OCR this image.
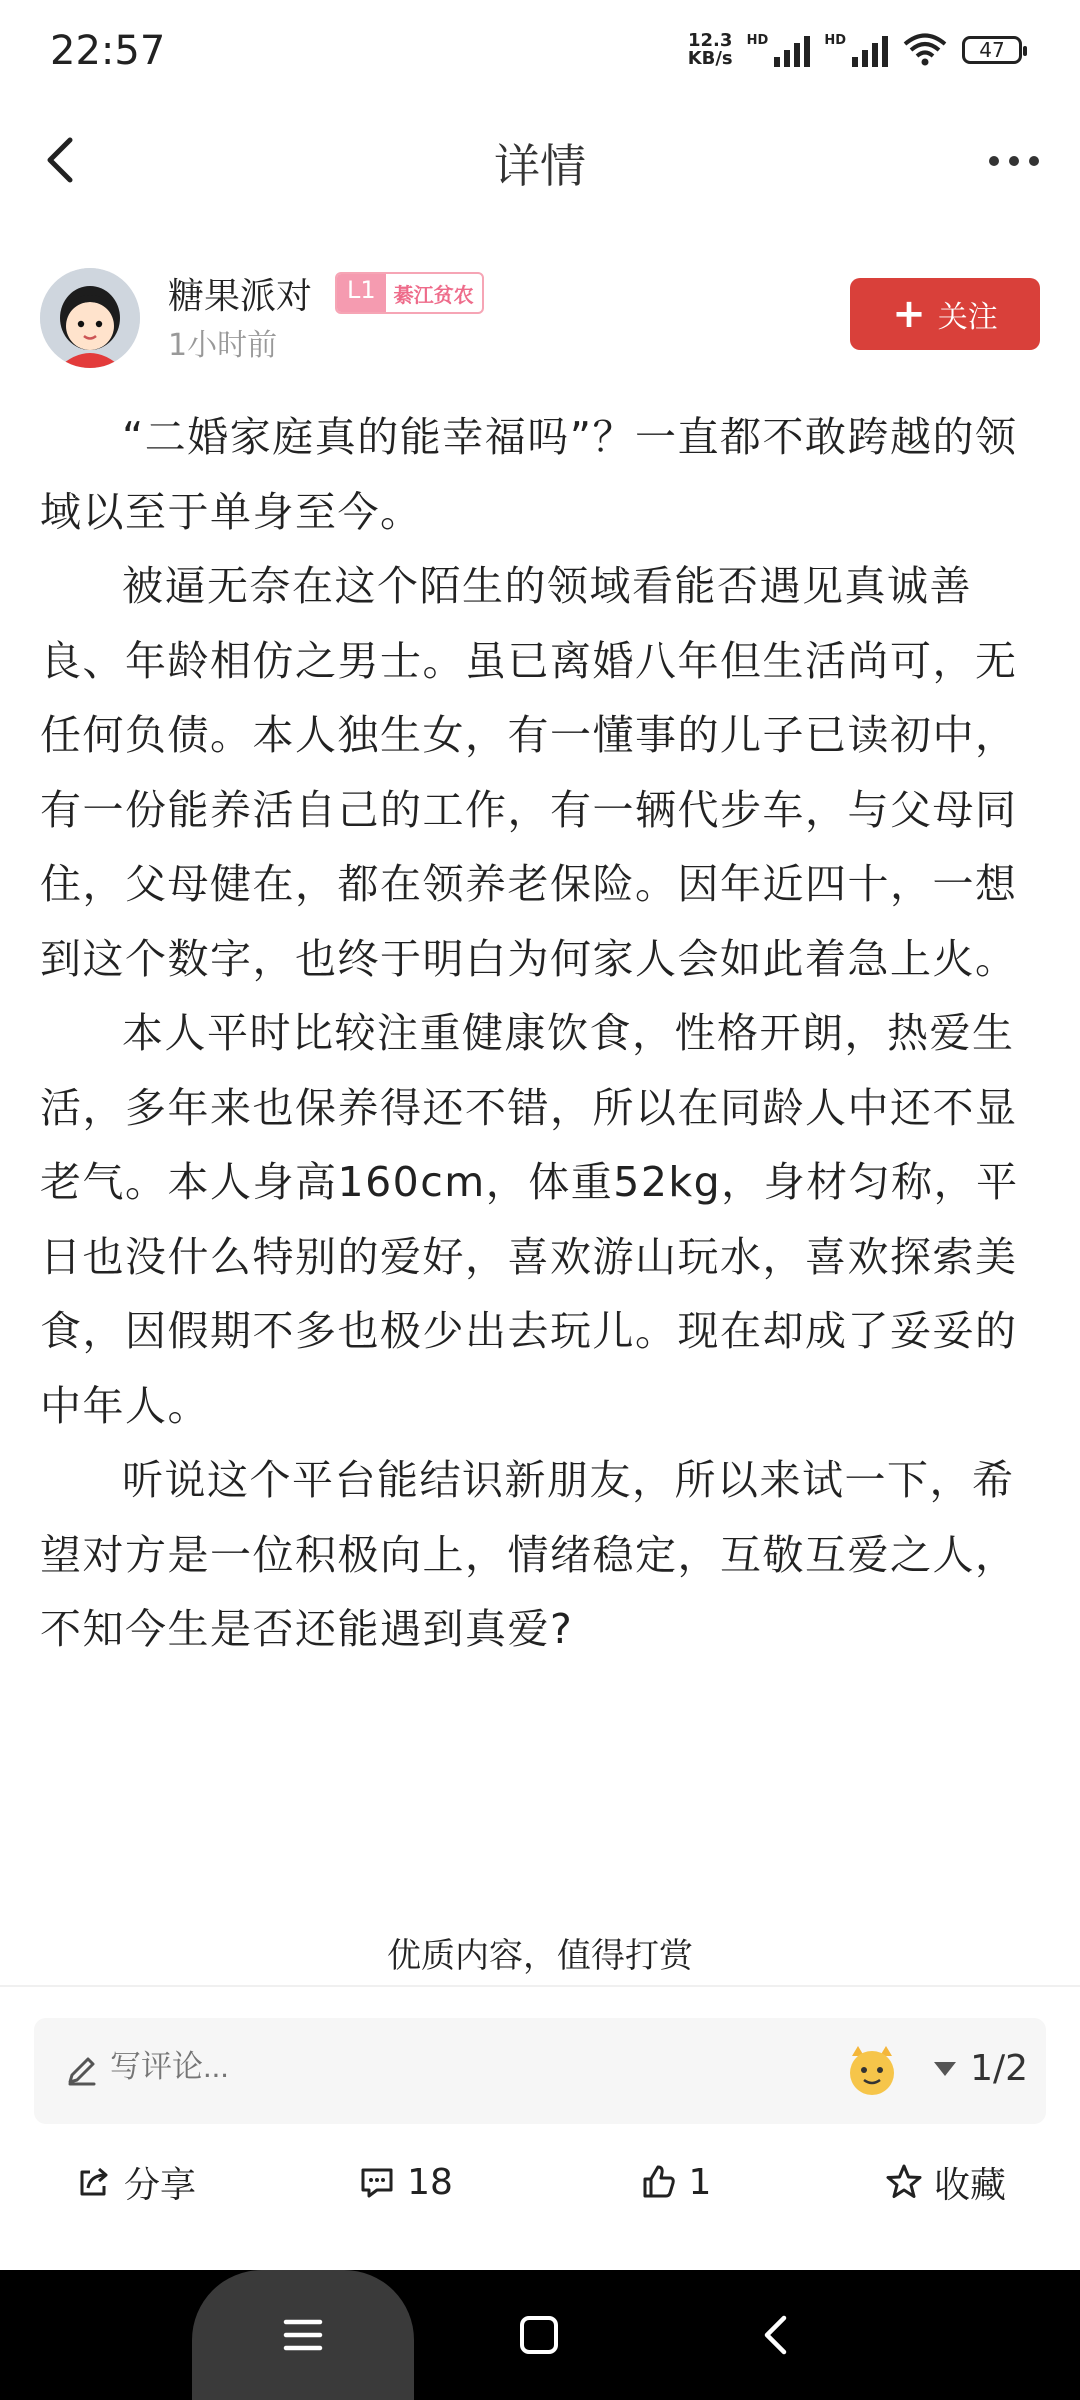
22:57	12.3
KB/s
HD	HD	47
详情
糖果派对	L1 綦江贫农
1小时前
+ 关注

“二婚家庭真的能幸福吗”？一直都不敢跨越的领域以至于单身至今。

被逼无奈在这个陌生的领域看能否遇见真诚善良、年龄相仿之男士。虽已离婚八年但生活尚可，无任何负债。本人独生女，有一懂事的儿子已读初中，有一份能养活自己的工作，有一辆代步车，与父母同住，父母健在，都在领养老保险。因年近四十，一想到这个数字，也终于明白为何家人会如此着急上火。

本人平时比较注重健康饮食，性格开朗，热爱生活，多年来也保养得还不错，所以在同龄人中还不显老气。本人身高160cm，体重52kg，身材匀称，平日也没什么特别的爱好，喜欢游山玩水，喜欢探索美食，因假期不多也极少出去玩儿。现在却成了妥妥的中年人。

听说这个平台能结识新朋友，所以来试一下，希望对方是一位积极向上，情绪稳定，互敬互爱之人，不知今生是否还能遇到真爱?

优质内容，值得打赏
写评论...
1/2
分享	18	1	收藏
